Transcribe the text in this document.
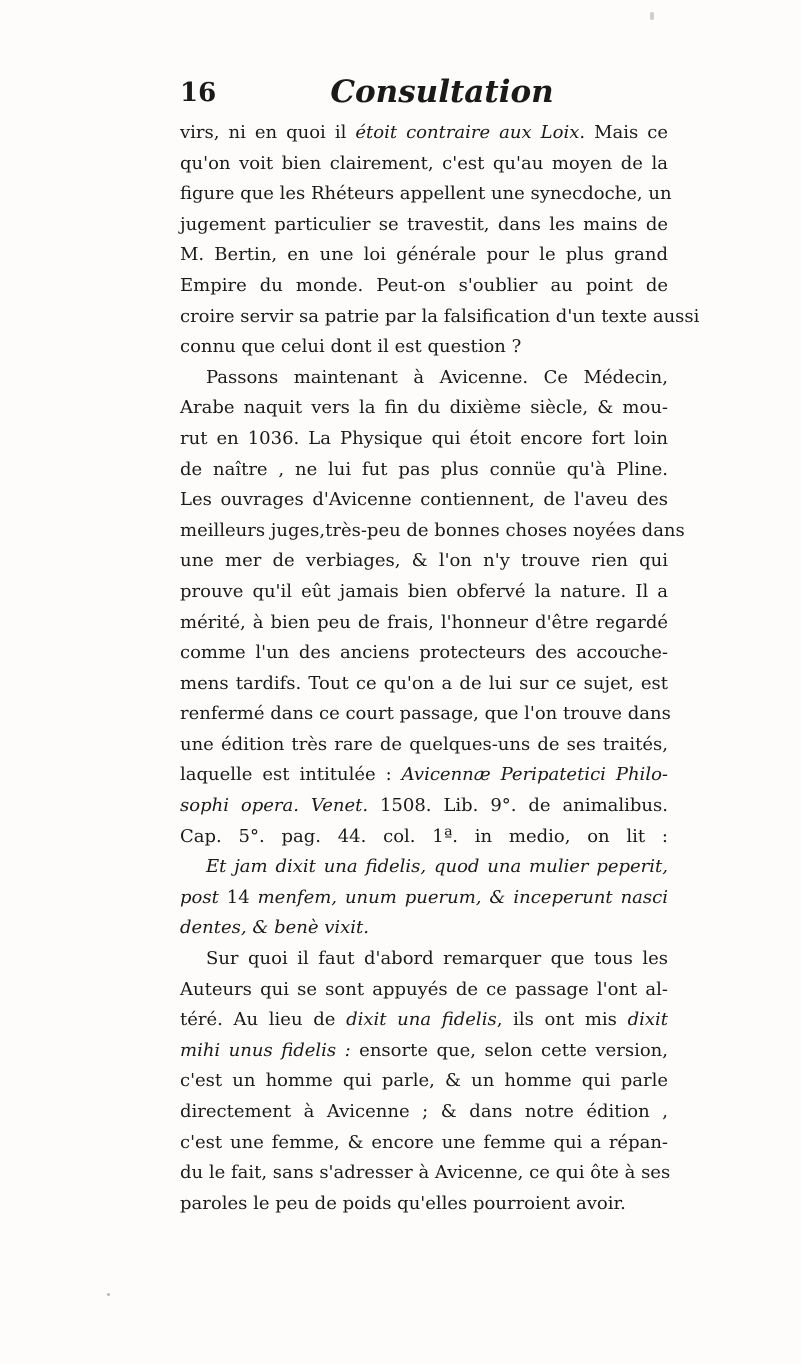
16	Consultation
virs, ni en quoi il étoit contraire aux Loix. Mais ce
qu'on voit bien clairement, c'est qu'au moyen de la
figure que les Rhéteurs appellent une synecdoche, un
jugement particulier se travestit, dans les mains de
M. Bertin, en une loi générale pour le plus grand
Empire du monde. Peut-on s'oublier au point de
croire servir sa patrie par la falsification d'un texte aussi
connu que celui dont il est question ?
Passons maintenant à Avicenne. Ce Médecin,
Arabe naquit vers la fin du dixième siècle, & mou-
rut en 1036. La Physique qui étoit encore fort loin
de naître , ne lui fut pas plus connüe qu'à Pline.
Les ouvrages d'Avicenne contiennent, de l'aveu des
meilleurs juges,très-peu de bonnes choses noyées dans
une mer de verbiages, & l'on n'y trouve rien qui
prouve qu'il eût jamais bien obfervé la nature. Il a
mérité, à bien peu de frais, l'honneur d'être regardé
comme l'un des anciens protecteurs des accouche-
mens tardifs. Tout ce qu'on a de lui sur ce sujet, est
renfermé dans ce court passage, que l'on trouve dans
une édition très rare de quelques-uns de ses traités,
laquelle est intitulée : Avicennæ Peripatetici Philo-
sophi opera. Venet. 1508. Lib. 9°. de animalibus.
Cap. 5°. pag. 44. col. 1ª. in medio, on lit :
Et jam dixit una fidelis, quod una mulier peperit,
post 14 menfem, unum puerum, & inceperunt nasci
dentes, & benè vixit.
Sur quoi il faut d'abord remarquer que tous les
Auteurs qui se sont appuyés de ce passage l'ont al-
téré. Au lieu de dixit una fidelis, ils ont mis dixit
mihi unus fidelis : ensorte que, selon cette version,
c'est un homme qui parle, & un homme qui parle
directement à Avicenne ; & dans notre édition ,
c'est une femme, & encore une femme qui a répan-
du le fait, sans s'adresser à Avicenne, ce qui ôte à ses
paroles le peu de poids qu'elles pourroient avoir.
